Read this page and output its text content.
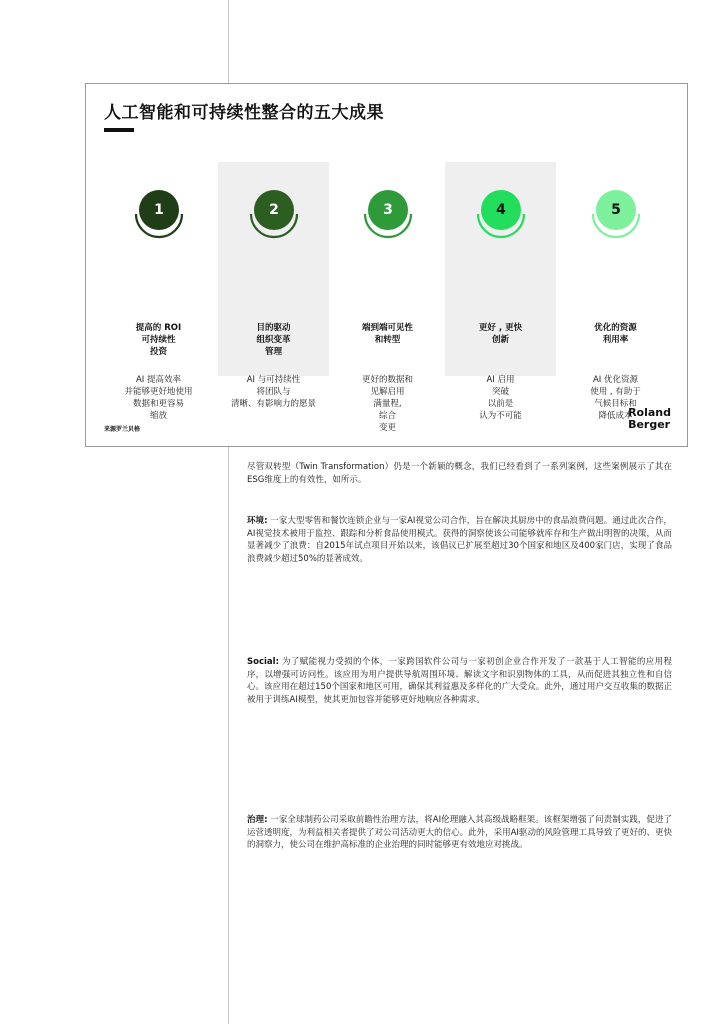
人工智能和可持续性整合的五大成果
1
提高的 ROI
可持续性
投资
AI 提高效率
并能够更好地使用
数据和更容易
缩放
2
目的驱动
组织变革
管理
AI 与可持续性
将团队与
清晰、有影响力的愿景
3
端到端可见性
和转型
更好的数据和
见解启用
满量程,
综合
变更
4
更好 , 更快
创新
AI 启用
突破
以前是
认为不可能
5
优化的资源
利用率
AI 优化资源
使用 , 有助于
气候目标和
降低成本
来源罗兰贝格
Roland
Berger
尽管双转型（Twin Transformation）仍是一个新颖的概念，我们已经看到了一系列案例，这些案例展示了其在ESG维度上的有效性，如所示。
环境: 一家大型零售和餐饮连锁企业与一家AI视觉公司合作，旨在解决其厨房中的食品浪费问题。通过此次合作，AI视觉技术被用于监控、跟踪和分析食品使用模式。获得的洞察使该公司能够就库存和生产做出明智的决策，从而显著减少了浪费：自2015年试点项目开始以来，该倡议已扩展至超过30个国家和地区及400家门店，实现了食品浪费减少超过50%的显著成效。
Social: 为了赋能视力受损的个体，一家跨国软件公司与一家初创企业合作开发了一款基于人工智能的应用程序，以增强可访问性。该应用为用户提供导航周围环境、解读文字和识别物体的工具，从而促进其独立性和自信心。该应用在超过150个国家和地区可用，确保其利益惠及多样化的广大受众。此外，通过用户交互收集的数据正被用于训练AI模型，使其更加包容并能够更好地响应各种需求。
治理: 一家全球制药公司采取前瞻性治理方法，将AI伦理融入其高级战略框架。该框架增强了问责制实践，促进了运营透明度，为利益相关者提供了对公司活动更大的信心。此外，采用AI驱动的风险管理工具导致了更好的、更快的洞察力，使公司在维护高标准的企业治理的同时能够更有效地应对挑战。
